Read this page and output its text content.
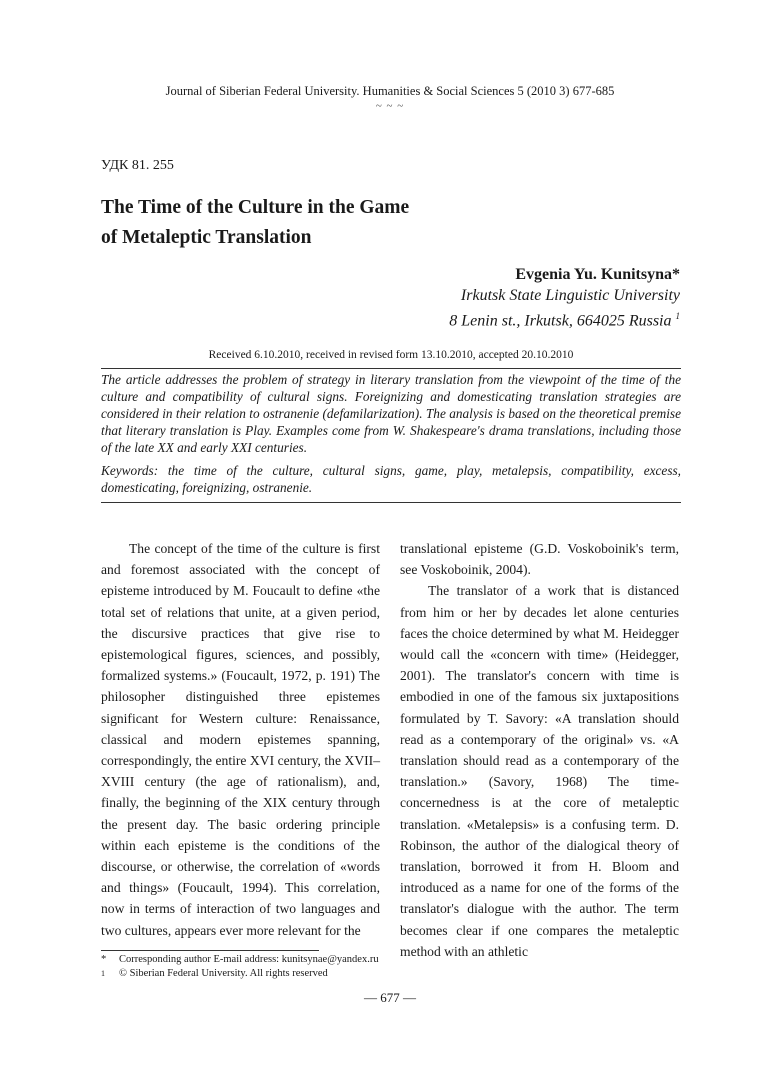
Journal of Siberian Federal University. Humanities & Social Sciences 5 (2010 3) 677-685
~ ~ ~
УДК 81. 255
The Time of the Culture in the Game
of Metaleptic Translation
Evgenia Yu. Kunitsyna*
Irkutsk State Linguistic University
8 Lenin st., Irkutsk, 664025 Russia $^1$
Received 6.10.2010, received in revised form 13.10.2010, accepted 20.10.2010
The article addresses the problem of strategy in literary translation from the viewpoint of the time of the culture and compatibility of cultural signs. Foreignizing and domesticating translation strategies are considered in their relation to ostranenie (defamilarization). The analysis is based on the theoretical premise that literary translation is Play. Examples come from W. Shakespeare's drama translations, including those of the late XX and early XXI centuries.
Keywords: the time of the culture, cultural signs, game, play, metalepsis, compatibility, excess, domesticating, foreignizing, ostranenie.

The concept of the time of the culture is first and foremost associated with the concept of episteme introduced by M. Foucault to define «the total set of relations that unite, at a given period, the discursive practices that give rise to epistemological figures, sciences, and possibly, formalized systems.» (Foucault, 1972, p. 191) The philosopher distinguished three epistemes significant for Western culture: Renaissance, classical and modern epistemes spanning, correspondingly, the entire XVI century, the XVII–XVIII century (the age of rationalism), and, finally, the beginning of the XIX century through the present day. The basic ordering principle within each episteme is the conditions of the discourse, or otherwise, the correlation of «words and things» (Foucault, 1994). This correlation, now in terms of interaction of two languages and two cultures, appears ever more relevant for the

translational episteme (G.D. Voskoboinik's term, see Voskoboinik, 2004).

The translator of a work that is distanced from him or her by decades let alone centuries faces the choice determined by what M. Heidegger would call the «concern with time» (Heidegger, 2001). The translator's concern with time is embodied in one of the famous six juxtapositions formulated by T. Savory: «A translation should read as a contemporary of the original» vs. «A translation should read as a contemporary of the translation.» (Savory, 1968) The time-concernedness is at the core of metaleptic translation. «Metalepsis» is a confusing term. D. Robinson, the author of the dialogical theory of translation, borrowed it from H. Bloom and introduced as a name for one of the forms of the translator's dialogue with the author. The term becomes clear if one compares the metaleptic method with an athletic

* Corresponding author E-mail address: kunitsynae@yandex.ru
1 © Siberian Federal University. All rights reserved
— 677 —
